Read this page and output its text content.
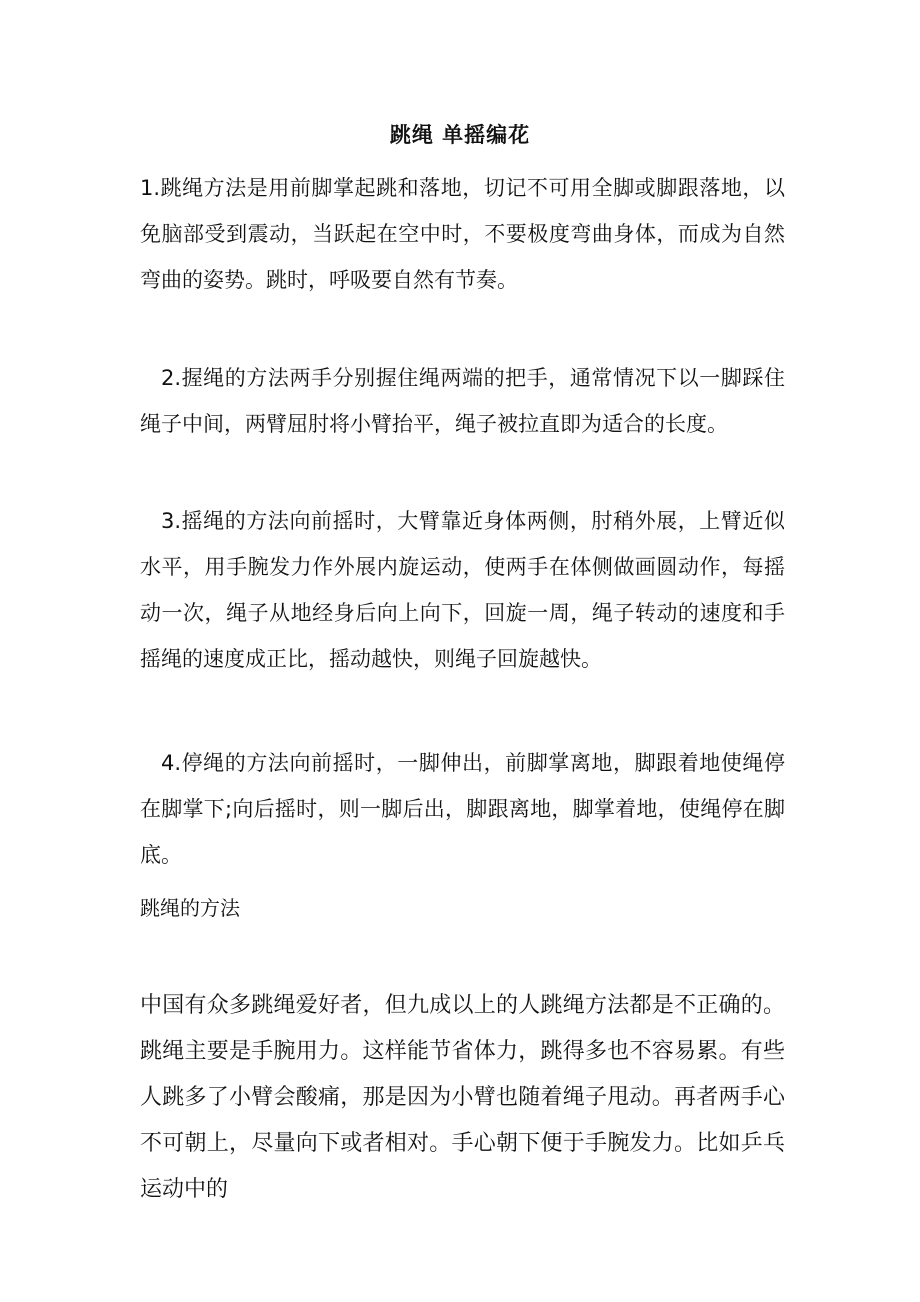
跳绳 单摇编花

1.跳绳方法是用前脚掌起跳和落地，切记不可用全脚或脚跟落地，以免脑部受到震动，当跃起在空中时，不要极度弯曲身体，而成为自然弯曲的姿势。跳时，呼吸要自然有节奏。

2.握绳的方法两手分别握住绳两端的把手，通常情况下以一脚踩住绳子中间，两臂屈肘将小臂抬平，绳子被拉直即为适合的长度。

3.摇绳的方法向前摇时，大臂靠近身体两侧，肘稍外展，上臂近似水平，用手腕发力作外展内旋运动，使两手在体侧做画圆动作，每摇动一次，绳子从地经身后向上向下，回旋一周，绳子转动的速度和手摇绳的速度成正比，摇动越快，则绳子回旋越快。

4.停绳的方法向前摇时，一脚伸出，前脚掌离地，脚跟着地使绳停在脚掌下;向后摇时，则一脚后出，脚跟离地，脚掌着地，使绳停在脚底。

跳绳的方法

中国有众多跳绳爱好者，但九成以上的人跳绳方法都是不正确的。跳绳主要是手腕用力。这样能节省体力，跳得多也不容易累。有些人跳多了小臂会酸痛，那是因为小臂也随着绳子甩动。再者两手心不可朝上，尽量向下或者相对。手心朝下便于手腕发力。比如乒乓运动中的
